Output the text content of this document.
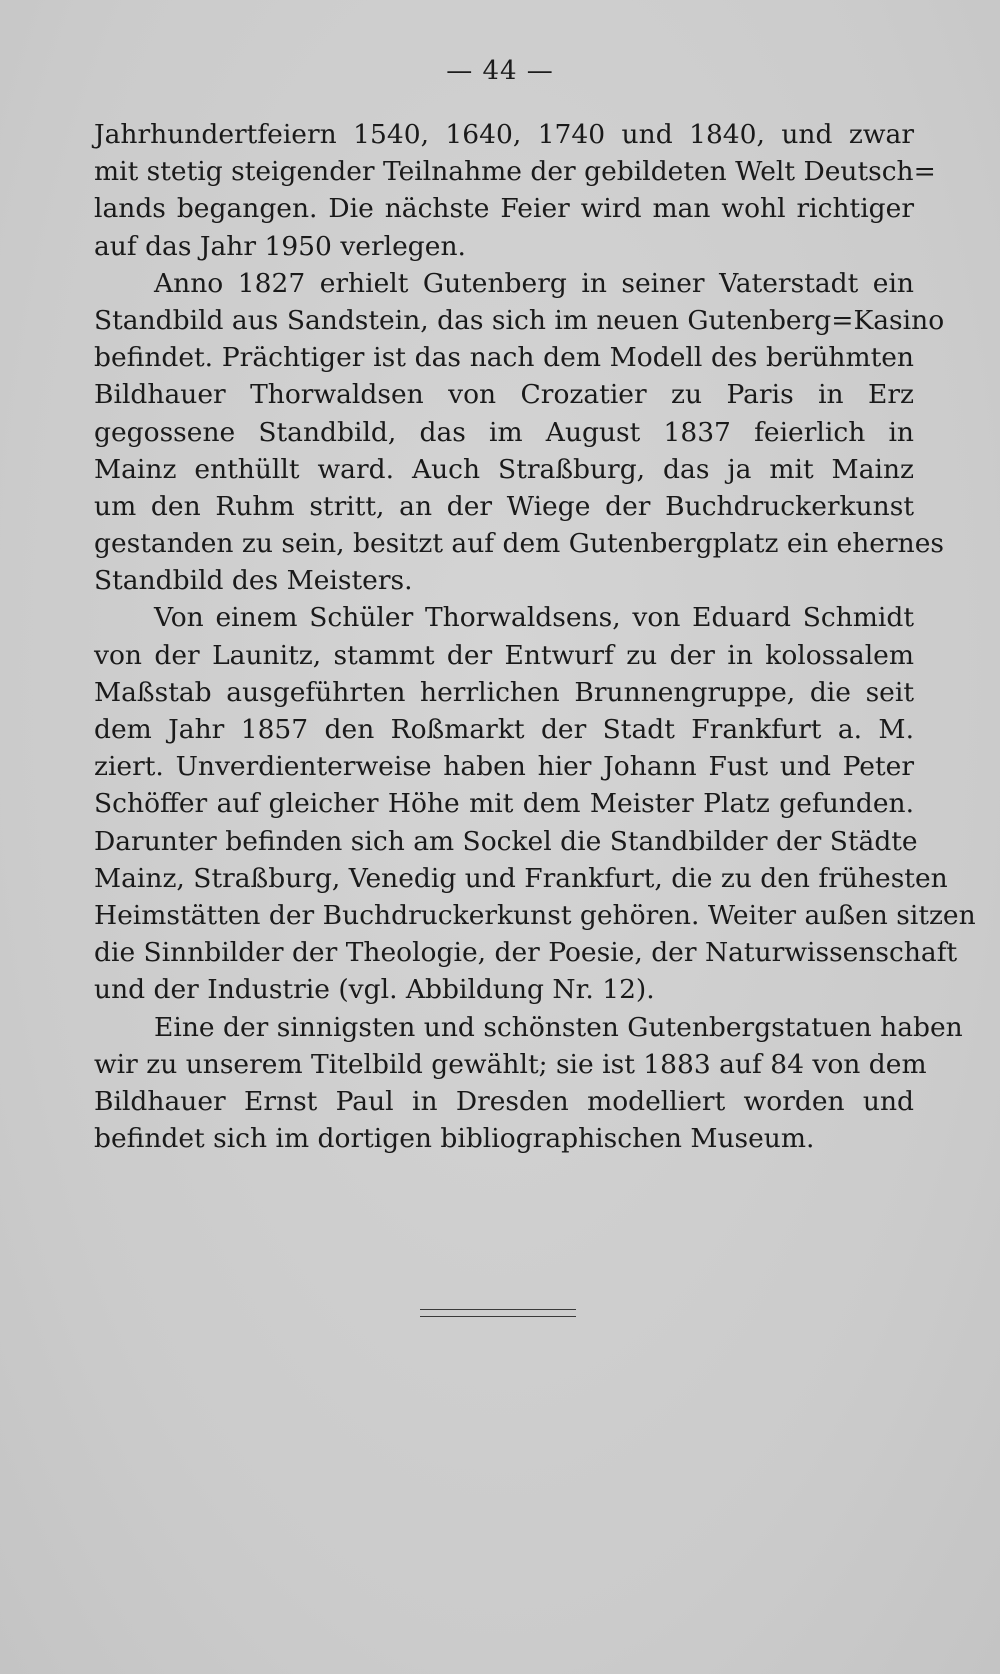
— 44 —
Jahrhundertfeiern 1540, 1640, 1740 und 1840, und zwar
mit stetig steigender Teilnahme der gebildeten Welt Deutsch=
lands begangen. Die nächste Feier wird man wohl richtiger
auf das Jahr 1950 verlegen.
Anno 1827 erhielt Gutenberg in seiner Vaterstadt ein
Standbild aus Sandstein, das sich im neuen Gutenberg=Kasino
befindet. Prächtiger ist das nach dem Modell des berühmten
Bildhauer Thorwaldsen von Crozatier zu Paris in Erz
gegossene Standbild, das im August 1837 feierlich in
Mainz enthüllt ward. Auch Straßburg, das ja mit Mainz
um den Ruhm stritt, an der Wiege der Buchdruckerkunst
gestanden zu sein, besitzt auf dem Gutenbergplatz ein ehernes
Standbild des Meisters.
Von einem Schüler Thorwaldsens, von Eduard Schmidt
von der Launitz, stammt der Entwurf zu der in kolossalem
Maßstab ausgeführten herrlichen Brunnengruppe, die seit
dem Jahr 1857 den Roßmarkt der Stadt Frankfurt a. M.
ziert. Unverdienterweise haben hier Johann Fust und Peter
Schöffer auf gleicher Höhe mit dem Meister Platz gefunden.
Darunter befinden sich am Sockel die Standbilder der Städte
Mainz, Straßburg, Venedig und Frankfurt, die zu den frühesten
Heimstätten der Buchdruckerkunst gehören. Weiter außen sitzen
die Sinnbilder der Theologie, der Poesie, der Naturwissenschaft
und der Industrie (vgl. Abbildung Nr. 12).
Eine der sinnigsten und schönsten Gutenbergstatuen haben
wir zu unserem Titelbild gewählt; sie ist 1883 auf 84 von dem
Bildhauer Ernst Paul in Dresden modelliert worden und
befindet sich im dortigen bibliographischen Museum.
